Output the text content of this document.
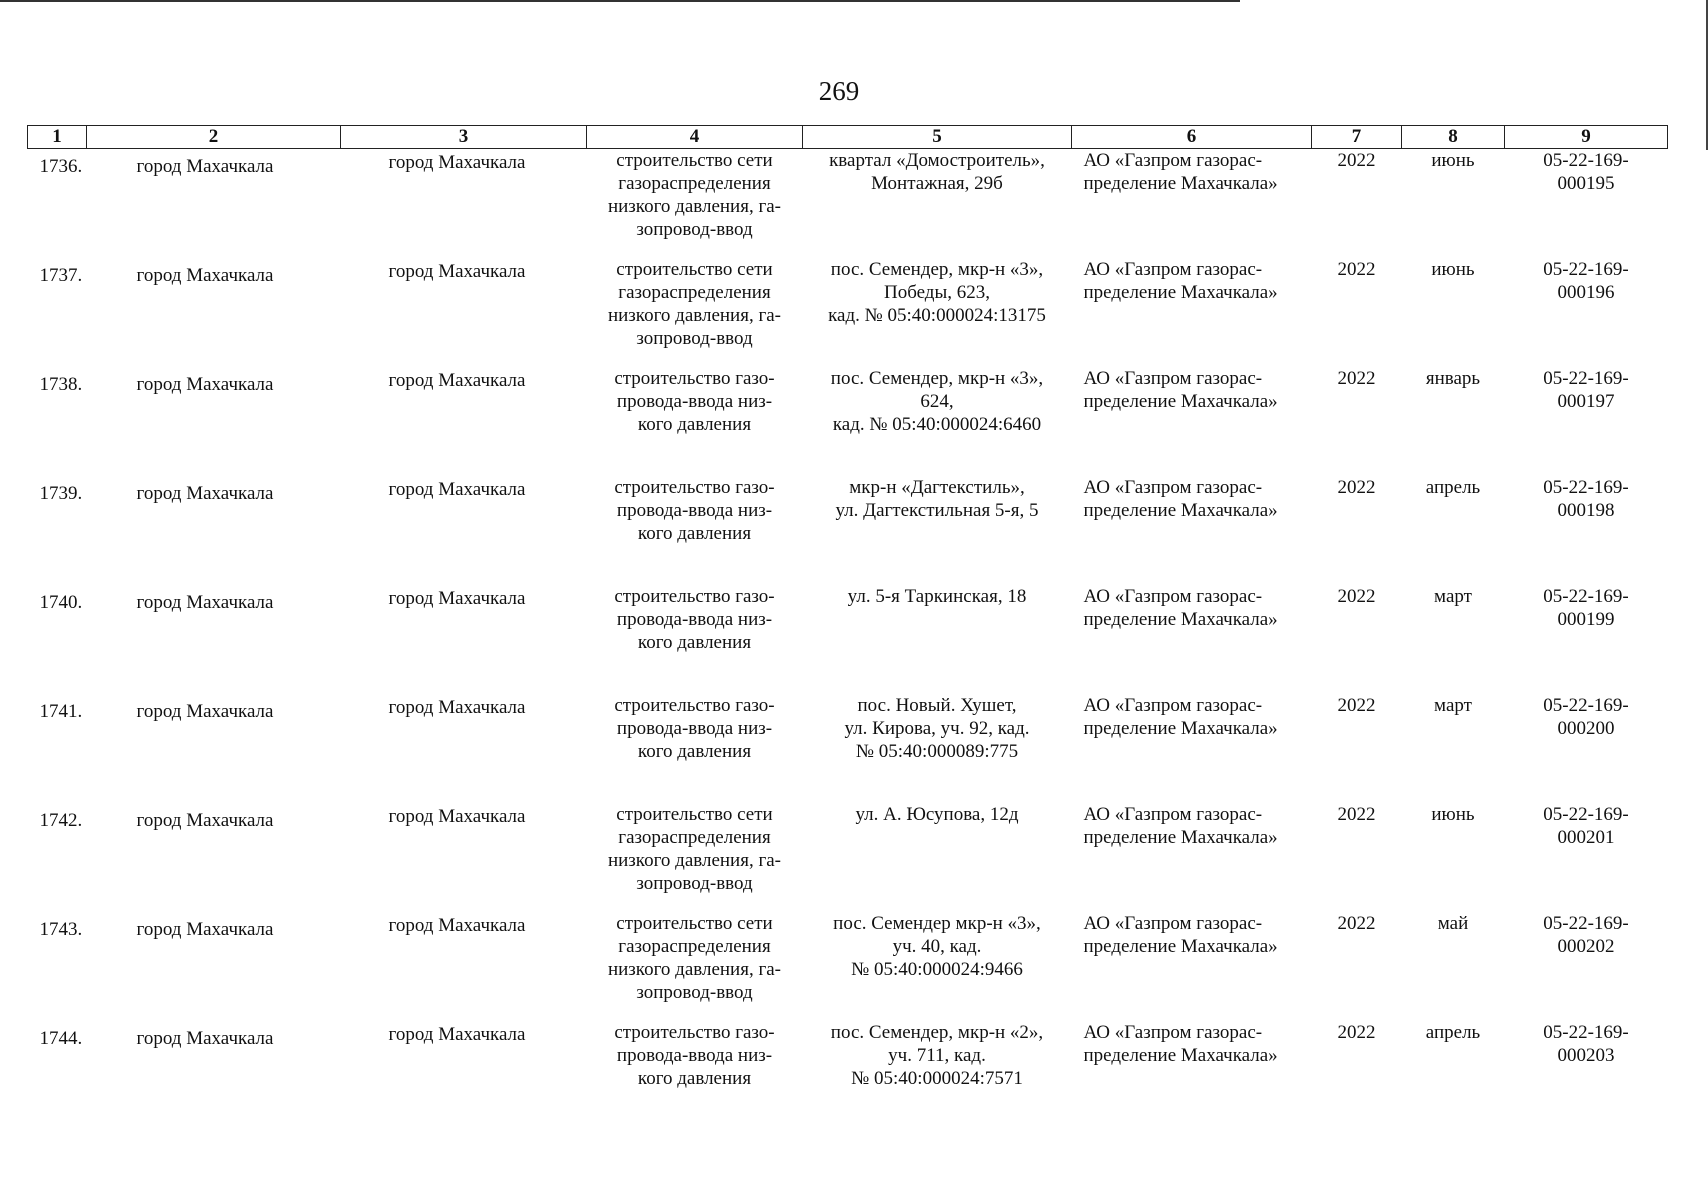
269
1	2	3	4	5	6	7	8	9
1736.	город Махачкала	город Махачкала	строительство сети
газораспределения
низкого давления, га-
зопровод-ввод	квартал «Домостроитель»,
Монтажная, 29б	АО «Газпром газорас-
пределение Махачкала»	2022	июнь	05-22-169-
000195

1737.	город Махачкала	город Махачкала	строительство сети
газораспределения
низкого давления, га-
зопровод-ввод	пос. Семендер, мкр-н «3»,
Победы, 623,
кад. № 05:40:000024:13175	АО «Газпром газорас-
пределение Махачкала»	2022	июнь	05-22-169-
000196

1738.	город Махачкала	город Махачкала	строительство газо-
провода-ввода низ-
кого давления	пос. Семендер, мкр-н «3»,
624,
кад. № 05:40:000024:6460	АО «Газпром газорас-
пределение Махачкала»	2022	январь	05-22-169-
000197

1739.	город Махачкала	город Махачкала	строительство газо-
провода-ввода низ-
кого давления	мкр-н «Дагтекстиль»,
ул. Дагтекстильная 5-я, 5	АО «Газпром газорас-
пределение Махачкала»	2022	апрель	05-22-169-
000198

1740.	город Махачкала	город Махачкала	строительство газо-
провода-ввода низ-
кого давления	ул. 5-я Таркинская, 18	АО «Газпром газорас-
пределение Махачкала»	2022	март	05-22-169-
000199

1741.	город Махачкала	город Махачкала	строительство газо-
провода-ввода низ-
кого давления	пос. Новый. Хушет,
ул. Кирова, уч. 92, кад.
№ 05:40:000089:775	АО «Газпром газорас-
пределение Махачкала»	2022	март	05-22-169-
000200

1742.	город Махачкала	город Махачкала	строительство сети
газораспределения
низкого давления, га-
зопровод-ввод	ул. А. Юсупова, 12д	АО «Газпром газорас-
пределение Махачкала»	2022	июнь	05-22-169-
000201

1743.	город Махачкала	город Махачкала	строительство сети
газораспределения
низкого давления, га-
зопровод-ввод	пос. Семендер мкр-н «3»,
уч. 40, кад.
№ 05:40:000024:9466	АО «Газпром газорас-
пределение Махачкала»	2022	май	05-22-169-
000202

1744.	город Махачкала	город Махачкала	строительство газо-
провода-ввода низ-
кого давления	пос. Семендер, мкр-н «2»,
уч. 711, кад.
№ 05:40:000024:7571	АО «Газпром газорас-
пределение Махачкала»	2022	апрель	05-22-169-
000203
